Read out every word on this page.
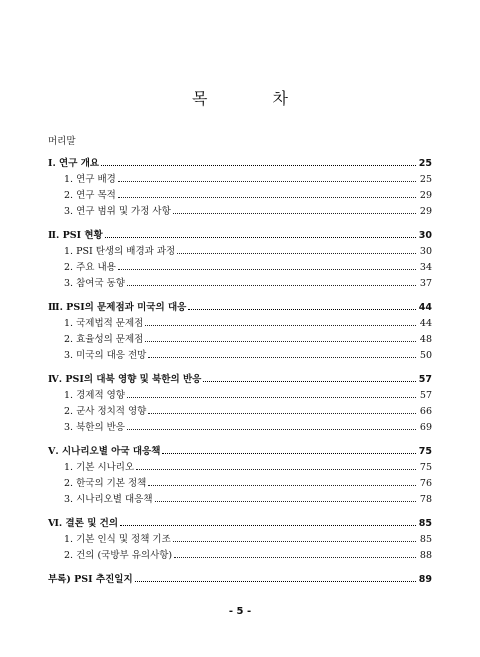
목 차
머리말
Ⅰ. 연구 개요	25
1. 연구 배경	25
2. 연구 목적	29
3. 연구 범위 및 가정 사항	29
Ⅱ. PSI 현황	30
1. PSI 탄생의 배경과 과정	30
2. 주요 내용	34
3. 참여국 동향	37
Ⅲ. PSI의 문제점과 미국의 대응	44
1. 국제법적 문제점	44
2. 효율성의 문제점	48
3. 미국의 대응 전망	50
Ⅳ. PSI의 대북 영향 및 북한의 반응	57
1. 경제적 영향	57
2. 군사 정치적 영향	66
3. 북한의 반응	69
Ⅴ. 시나리오별 아국 대응책	75
1. 기본 시나리오	75
2. 한국의 기본 정책	76
3. 시나리오별 대응책	78
Ⅵ. 결론 및 건의	85
1. 기본 인식 및 정책 기조	85
2. 건의 (국방부 유의사항)	88
부록) PSI 추진일지	89
- 5 -
